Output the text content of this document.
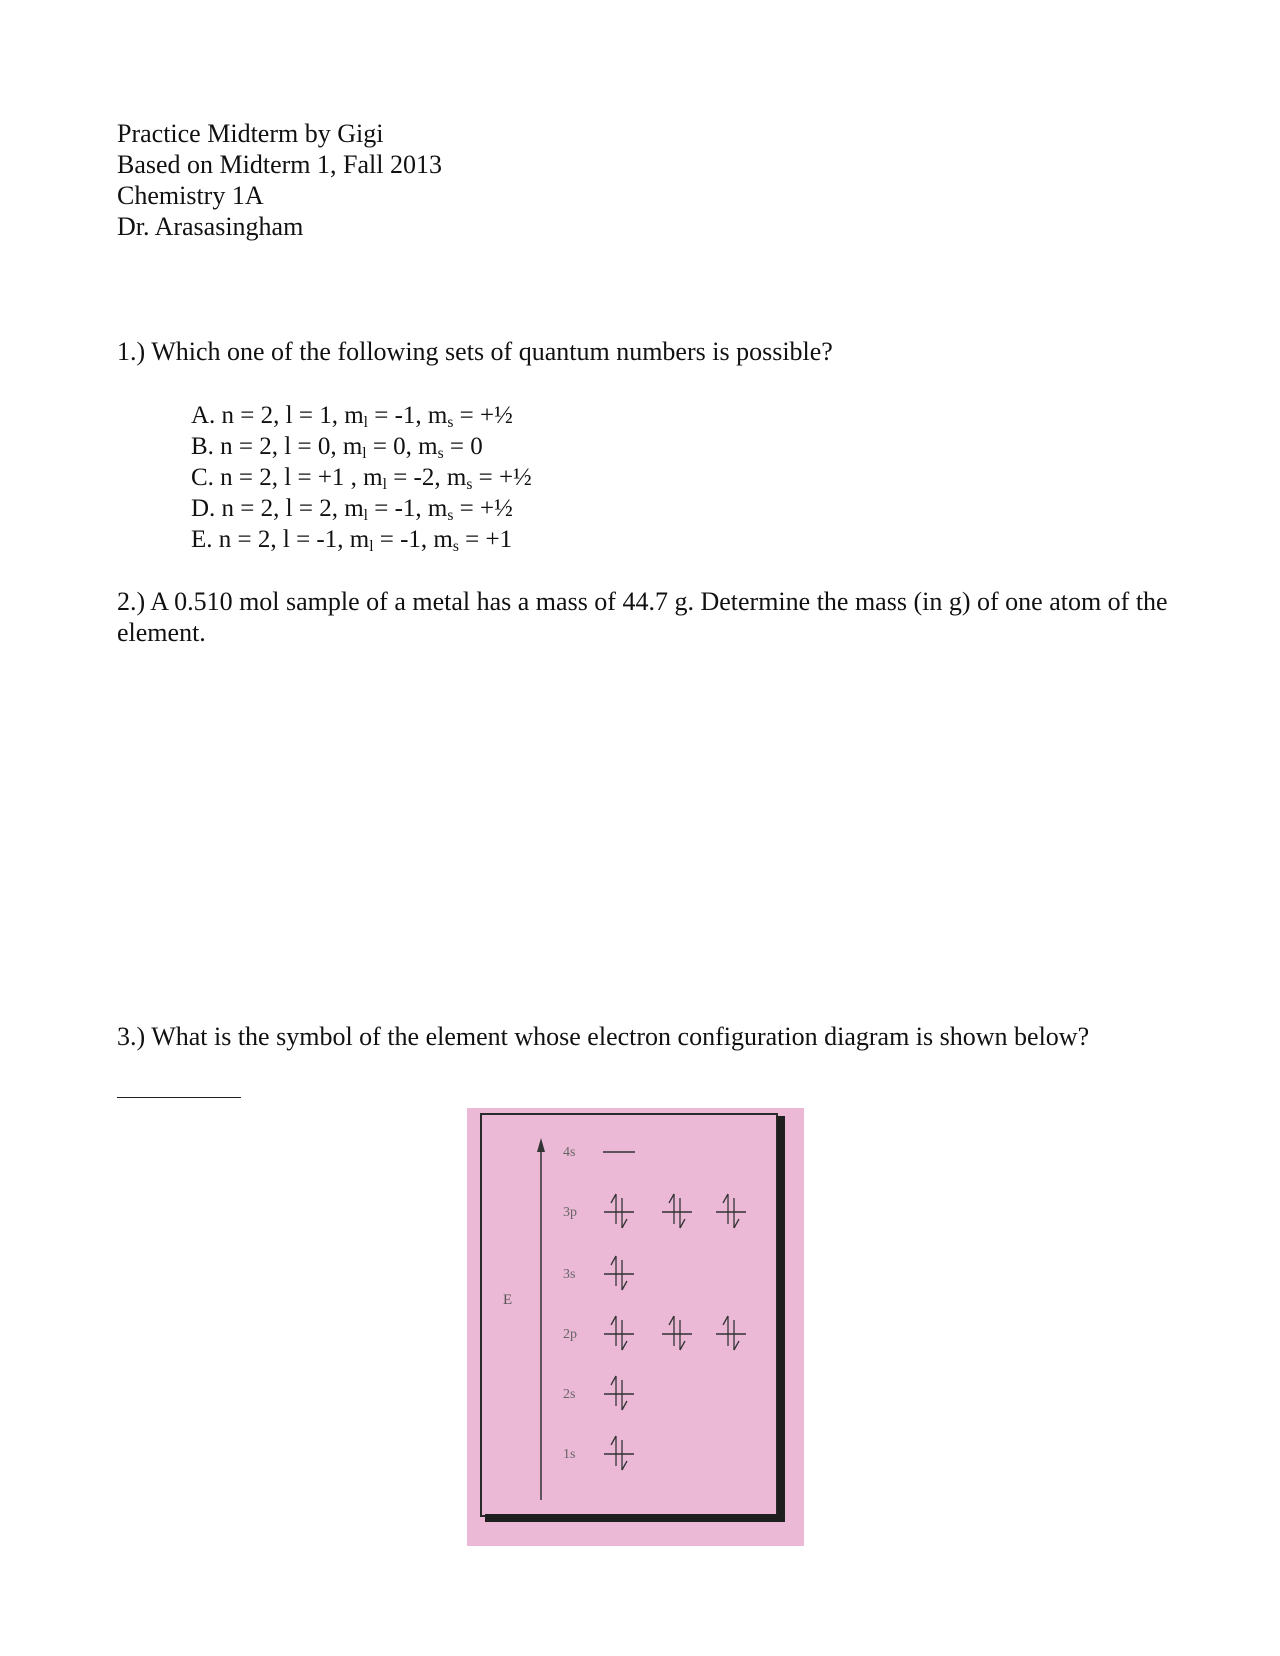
Practice Midterm by Gigi
Based on Midterm 1, Fall 2013
Chemistry 1A
Dr. Arasasingham
1.) Which one of the following sets of quantum numbers is possible?
A. n = 2, l = 1, $m_l = -1$, $m_s$ = +½
B. n = 2, l = 0, $m_l = 0$, $m_s = 0$
C. n = 2, l = +1 , $m_l = -2$, $m_s$ = +½
D. n = 2, l = 2, $m_l = -1$, $m_s$ = +½
E. n = 2, l = -1, $m_l = -1$, $m_s = +1$
2.) A 0.510 mol sample of a metal has a mass of 44.7 g. Determine the mass (in g) of one atom of the element.
3.) What is the symbol of the element whose electron configuration diagram is shown below?
E
4s
3p
3s
2p
2s
1s
